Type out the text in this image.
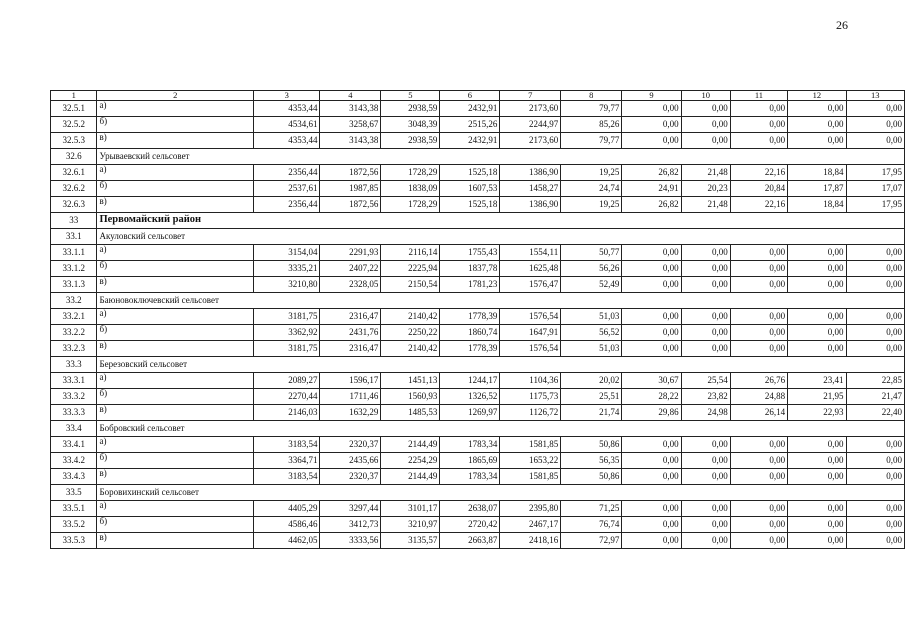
26
1	2	3	4	5	6	7	8	9	10	11	12	13
32.5.1	а)	4353,44	3143,38	2938,59	2432,91	2173,60	79,77	0,00	0,00	0,00	0,00	0,00
32.5.2	б)	4534,61	3258,67	3048,39	2515,26	2244,97	85,26	0,00	0,00	0,00	0,00	0,00
32.5.3	в)	4353,44	3143,38	2938,59	2432,91	2173,60	79,77	0,00	0,00	0,00	0,00	0,00
32.6	Урываевский сельсовет											
32.6.1	а)	2356,44	1872,56	1728,29	1525,18	1386,90	19,25	26,82	21,48	22,16	18,84	17,95
32.6.2	б)	2537,61	1987,85	1838,09	1607,53	1458,27	24,74	24,91	20,23	20,84	17,87	17,07
32.6.3	в)	2356,44	1872,56	1728,29	1525,18	1386,90	19,25	26,82	21,48	22,16	18,84	17,95
33	Первомайский район											
33.1	Акуловский сельсовет											
33.1.1	а)	3154,04	2291,93	2116,14	1755,43	1554,11	50,77	0,00	0,00	0,00	0,00	0,00
33.1.2	б)	3335,21	2407,22	2225,94	1837,78	1625,48	56,26	0,00	0,00	0,00	0,00	0,00
33.1.3	в)	3210,80	2328,05	2150,54	1781,23	1576,47	52,49	0,00	0,00	0,00	0,00	0,00
33.2	Баюновоключевский сельсовет											
33.2.1	а)	3181,75	2316,47	2140,42	1778,39	1576,54	51,03	0,00	0,00	0,00	0,00	0,00
33.2.2	б)	3362,92	2431,76	2250,22	1860,74	1647,91	56,52	0,00	0,00	0,00	0,00	0,00
33.2.3	в)	3181,75	2316,47	2140,42	1778,39	1576,54	51,03	0,00	0,00	0,00	0,00	0,00
33.3	Березовский сельсовет											
33.3.1	а)	2089,27	1596,17	1451,13	1244,17	1104,36	20,02	30,67	25,54	26,76	23,41	22,85
33.3.2	б)	2270,44	1711,46	1560,93	1326,52	1175,73	25,51	28,22	23,82	24,88	21,95	21,47
33.3.3	в)	2146,03	1632,29	1485,53	1269,97	1126,72	21,74	29,86	24,98	26,14	22,93	22,40
33.4	Бобровский сельсовет											
33.4.1	а)	3183,54	2320,37	2144,49	1783,34	1581,85	50,86	0,00	0,00	0,00	0,00	0,00
33.4.2	б)	3364,71	2435,66	2254,29	1865,69	1653,22	56,35	0,00	0,00	0,00	0,00	0,00
33.4.3	в)	3183,54	2320,37	2144,49	1783,34	1581,85	50,86	0,00	0,00	0,00	0,00	0,00
33.5	Боровихинский сельсовет											
33.5.1	а)	4405,29	3297,44	3101,17	2638,07	2395,80	71,25	0,00	0,00	0,00	0,00	0,00
33.5.2	б)	4586,46	3412,73	3210,97	2720,42	2467,17	76,74	0,00	0,00	0,00	0,00	0,00
33.5.3	в)	4462,05	3333,56	3135,57	2663,87	2418,16	72,97	0,00	0,00	0,00	0,00	0,00
